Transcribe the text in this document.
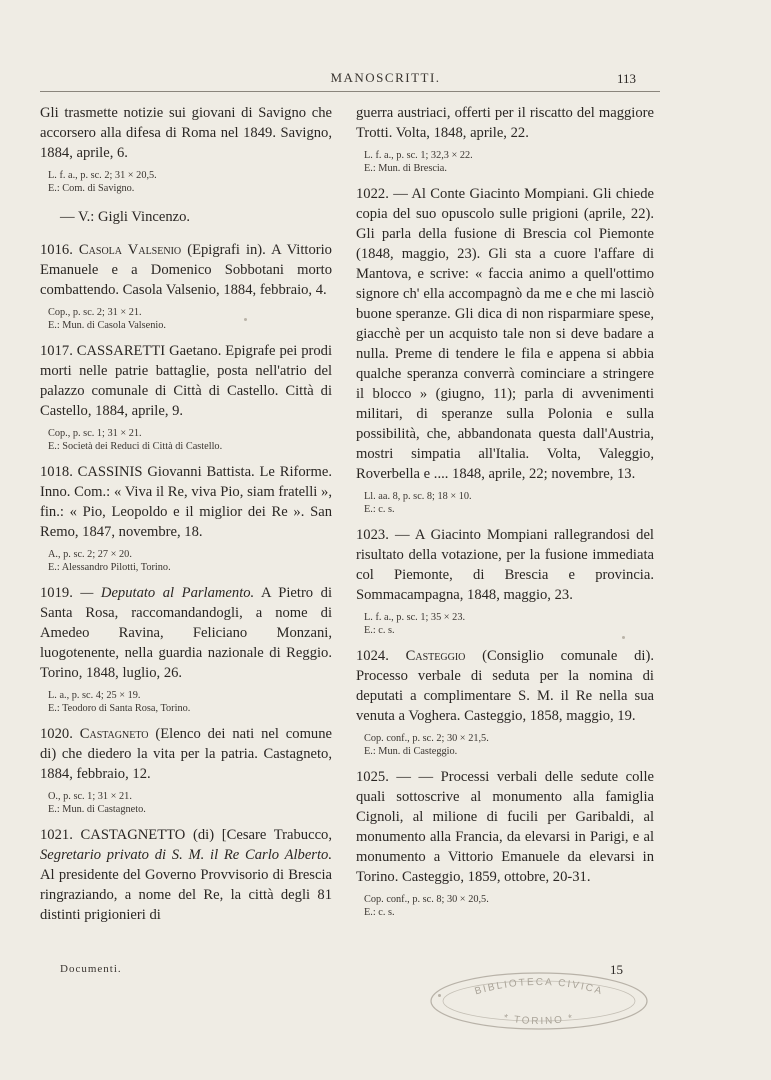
MANOSCRITTI.	113

Gli trasmette notizie sui giovani di Savigno che accorsero alla difesa di Roma nel 1849. Savigno, 1884, aprile, 6.

L. f. a., p. sc. 2; 31 × 20,5.
E.: Com. di Savigno.
— V.: Gigli Vincenzo.

1016. Casola Valsenio (Epigrafi in). A Vittorio Emanuele e a Domenico Sobbotani morto combattendo. Casola Valsenio, 1884, febbraio, 4.

Cop., p. sc. 2; 31 × 21.
E.: Mun. di Casola Valsenio.

1017. CASSARETTI Gaetano. Epigrafe pei prodi morti nelle patrie battaglie, posta nell'atrio del palazzo comunale di Città di Castello. Città di Castello, 1884, aprile, 9.

Cop., p. sc. 1; 31 × 21.
E.: Società dei Reduci di Città di Castello.

1018. CASSINIS Giovanni Battista. Le Riforme. Inno. Com.: « Viva il Re, viva Pio, siam fratelli », fin.: « Pio, Leopoldo e il miglior dei Re ». San Remo, 1847, novembre, 18.

A., p. sc. 2; 27 × 20.
E.: Alessandro Pilotti, Torino.

1019. — Deputato al Parlamento. A Pietro di Santa Rosa, raccomandandogli, a nome di Amedeo Ravina, Feliciano Monzani, luogotenente, nella guardia nazionale di Reggio. Torino, 1848, luglio, 26.

L. a., p. sc. 4; 25 × 19.
E.: Teodoro di Santa Rosa, Torino.

1020. Castagneto (Elenco dei nati nel comune di) che diedero la vita per la patria. Castagneto, 1884, febbraio, 12.

O., p. sc. 1; 31 × 21.
E.: Mun. di Castagneto.

1021. CASTAGNETTO (di) [Cesare Trabucco, Segretario privato di S. M. il Re Carlo Alberto. Al presidente del Governo Provvisorio di Brescia ringraziando, a nome del Re, la città degli 81 distinti prigionieri di

guerra austriaci, offerti per il riscatto del maggiore Trotti. Volta, 1848, aprile, 22.

L. f. a., p. sc. 1; 32,3 × 22.
E.: Mun. di Brescia.

1022. — Al Conte Giacinto Mompiani. Gli chiede copia del suo opuscolo sulle prigioni (aprile, 22). Gli parla della fusione di Brescia col Piemonte (1848, maggio, 23). Gli sta a cuore l'affare di Mantova, e scrive: « faccia animo a quell'ottimo signore ch' ella accompagnò da me e che mi lasciò buone speranze. Gli dica di non risparmiare spese, giacchè per un acquisto tale non si deve badare a nulla. Preme di tendere le fila e appena si abbia qualche speranza converrà cominciare a stringere il blocco » (giugno, 11); parla di avvenimenti militari, di speranze sulla Polonia e sulla possibilità, che, abbandonata questa dall'Austria, mostri simpatia all'Italia. Volta, Valeggio, Roverbella e .... 1848, aprile, 22; novembre, 13.

Ll. aa. 8, p. sc. 8; 18 × 10.
E.: c. s.

1023. — A Giacinto Mompiani rallegrandosi del risultato della votazione, per la fusione immediata col Piemonte, di Brescia e provincia. Sommacampagna, 1848, maggio, 23.

L. f. a., p. sc. 1; 35 × 23.
E.: c. s.

1024. Casteggio (Consiglio comunale di). Processo verbale di seduta per la nomina di deputati a complimentare S. M. il Re nella sua venuta a Voghera. Casteggio, 1858, maggio, 19.

Cop. conf., p. sc. 2; 30 × 21,5.
E.: Mun. di Casteggio.

1025. — — Processi verbali delle sedute colle quali sottoscrive al monumento alla famiglia Cignoli, al milione di fucili per Garibaldi, al monumento alla Francia, da elevarsi in Parigi, e al monumento a Vittorio Emanuele da elevarsi in Torino. Casteggio, 1859, ottobre, 20-31.

Cop. conf., p. sc. 8; 30 × 20,5.
E.: c. s.
Documenti.	15
BIBLIOTECA CIVICA
* TORINO *
